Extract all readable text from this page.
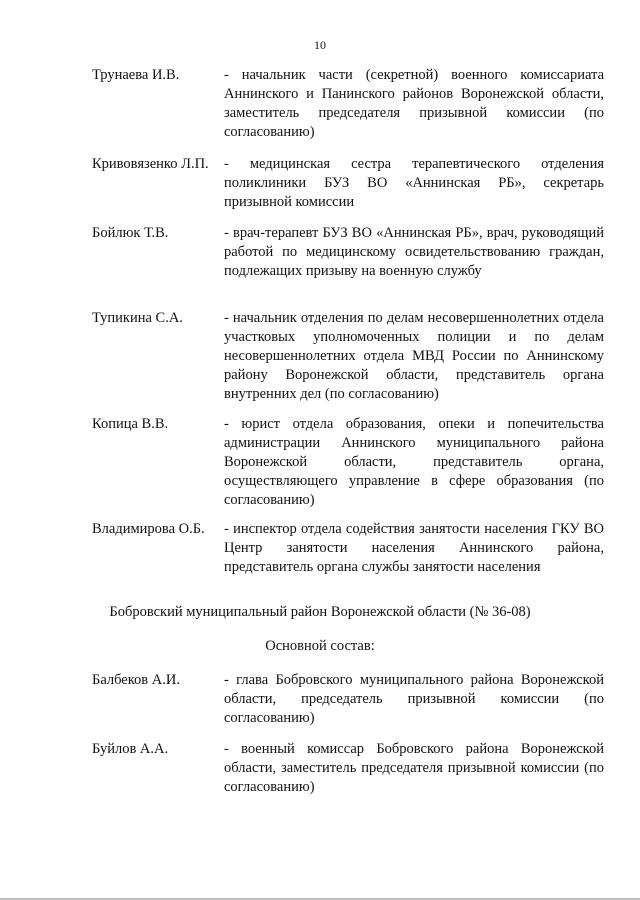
10
Трунаева И.В.	- начальник части (секретной) военного комиссариата Аннинского и Панинского районов Воронежской области, заместитель председателя призывной комиссии (по согласованию)
Кривовязенко Л.П.	- медицинская сестра терапевтического отделения поликлиники БУЗ ВО «Аннинская РБ», секретарь призывной комиссии
Бойлюк Т.В.	- врач-терапевт БУЗ ВО «Аннинская РБ», врач, руководящий работой по медицинскому освидетельствованию граждан, подлежащих призыву на военную службу
Тупикина С.А.	- начальник отделения по делам несовершеннолетних отдела участковых уполномоченных полиции и по делам несовершеннолетних отдела МВД России по Аннинскому району Воронежской области, представитель органа внутренних дел (по согласованию)
Копица В.В.	- юрист отдела образования, опеки и попечительства администрации Аннинского муниципального района Воронежской области, представитель органа, осуществляющего управление в сфере образования (по согласованию)
Владимирова О.Б.	- инспектор отдела содействия занятости населения ГКУ ВО Центр занятости населения Аннинского района, представитель органа службы занятости населения
Бобровский муниципальный район Воронежской области (№ 36-08)
Основной состав:
Балбеков А.И.	- глава Бобровского муниципального района Воронежской области, председатель призывной комиссии (по согласованию)
Буйлов А.А.	- военный комиссар Бобровского района Воронежской области, заместитель председателя призывной комиссии (по согласованию)
